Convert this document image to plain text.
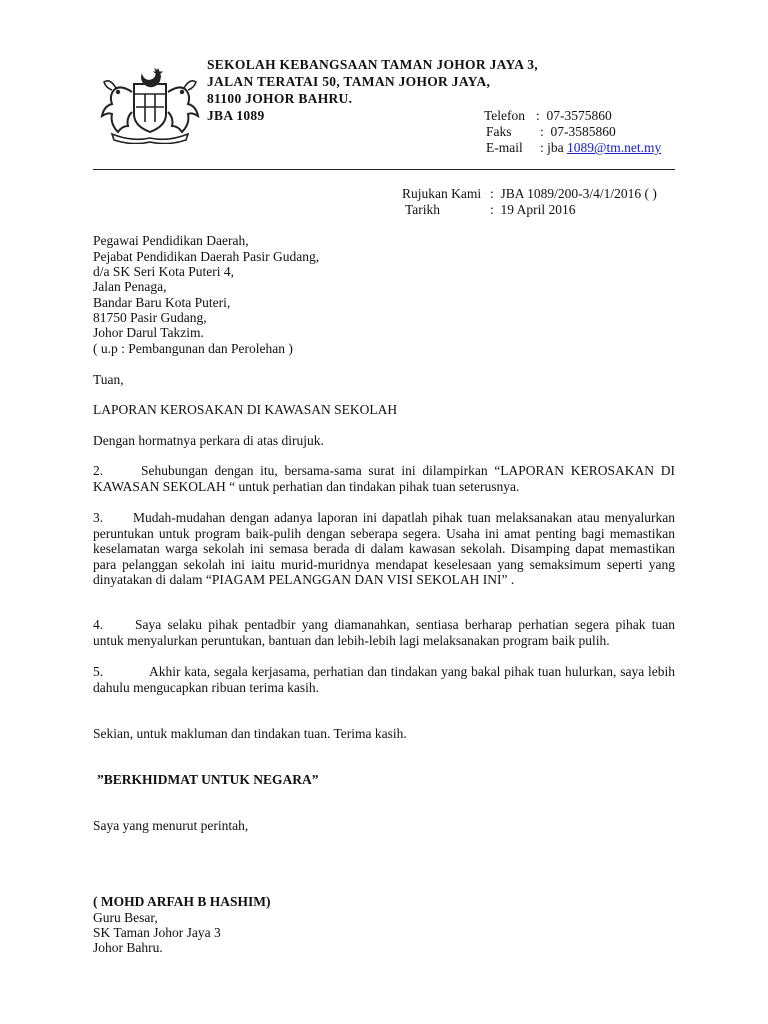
SEKOLAH KEBANGSAAN TAMAN JOHOR JAYA 3,
JALAN TERATAI 50, TAMAN JOHOR JAYA,
81100 JOHOR BAHRU.
JBA 1089	Telefon :  07-3575860
Faks :  07-3585860
E-mail : jba 1089@tm.net.my
Rujukan Kami :  JBA 1089/200-3/4/1/2016 ( )
Tarikh	:  19 April 2016
Pegawai Pendidikan Daerah,
Pejabat Pendidikan Daerah Pasir Gudang,
d/a SK Seri Kota Puteri 4,
Jalan Penaga,
Bandar Baru Kota Puteri,
81750 Pasir Gudang,
Johor Darul Takzim.
( u.p : Pembangunan dan Perolehan )
Tuan,
LAPORAN KEROSAKAN DI KAWASAN SEKOLAH
Dengan hormatnya perkara di atas dirujuk.
2.	Sehubungan dengan itu, bersama-sama surat ini dilampirkan “LAPORAN KEROSAKAN DI KAWASAN SEKOLAH “ untuk perhatian dan tindakan pihak tuan seterusnya.
3. Mudah-mudahan dengan adanya laporan ini dapatlah pihak tuan melaksanakan atau menyalurkan peruntukan untuk program baik-pulih dengan seberapa segera. Usaha ini amat penting bagi memastikan keselamatan warga sekolah ini semasa berada di dalam kawasan sekolah. Disamping dapat memastikan para pelanggan sekolah ini iaitu murid-muridnya mendapat keselesaan yang semaksimum seperti yang dinyatakan di dalam “PIAGAM PELANGGAN DAN VISI SEKOLAH INI” .
4. Saya selaku pihak pentadbir yang diamanahkan, sentiasa berharap perhatian segera pihak tuan untuk menyalurkan peruntukan, bantuan dan lebih-lebih lagi melaksanakan program baik pulih.
5.	Akhir kata, segala kerjasama, perhatian dan tindakan yang bakal pihak tuan hulurkan, saya lebih dahulu mengucapkan ribuan terima kasih.
Sekian, untuk makluman dan tindakan tuan. Terima kasih.
”BERKHIDMAT UNTUK NEGARA”
Saya yang menurut perintah,
( MOHD ARFAH B HASHIM)
Guru Besar,
SK Taman Johor Jaya 3
Johor Bahru.
